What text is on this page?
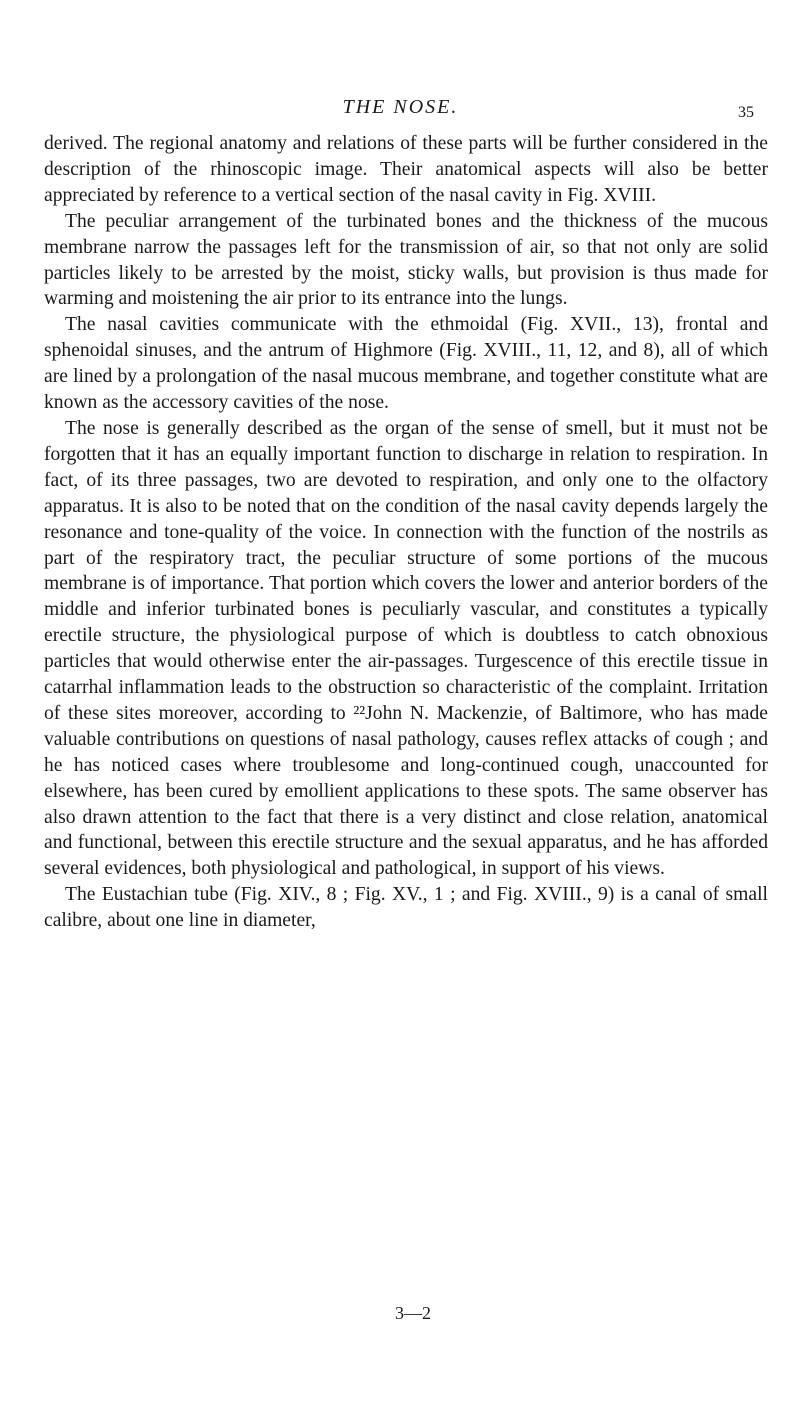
THE NOSE.	35

derived. The regional anatomy and relations of these parts will be further considered in the description of the rhinoscopic image. Their anatomical aspects will also be better appreciated by reference to a vertical section of the nasal cavity in Fig. XVIII.

The peculiar arrangement of the turbinated bones and the thickness of the mucous membrane narrow the passages left for the transmission of air, so that not only are solid particles likely to be arrested by the moist, sticky walls, but provision is thus made for warming and moistening the air prior to its entrance into the lungs.

The nasal cavities communicate with the ethmoidal (Fig. XVII., 13), frontal and sphenoidal sinuses, and the antrum of Highmore (Fig. XVIII., 11, 12, and 8), all of which are lined by a prolongation of the nasal mucous membrane, and together constitute what are known as the accessory cavities of the nose.

The nose is generally described as the organ of the sense of smell, but it must not be forgotten that it has an equally important function to discharge in relation to respiration. In fact, of its three passages, two are devoted to respiration, and only one to the olfactory apparatus. It is also to be noted that on the condition of the nasal cavity depends largely the resonance and tone-quality of the voice. In connection with the function of the nostrils as part of the respiratory tract, the peculiar structure of some portions of the mucous membrane is of importance. That portion which covers the lower and anterior borders of the middle and inferior turbinated bones is peculiarly vascular, and constitutes a typically erectile structure, the physiological purpose of which is doubtless to catch obnoxious particles that would otherwise enter the air-passages. Turgescence of this erectile tissue in catarrhal inflammation leads to the obstruction so characteristic of the complaint. Irritation of these sites moreover, according to ²²John N. Mackenzie, of Baltimore, who has made valuable contributions on questions of nasal pathology, causes reflex attacks of cough ; and he has noticed cases where troublesome and long-continued cough, unaccounted for elsewhere, has been cured by emollient applications to these spots. The same observer has also drawn attention to the fact that there is a very distinct and close relation, anatomical and functional, between this erectile structure and the sexual apparatus, and he has afforded several evidences, both physiological and pathological, in support of his views.

The Eustachian tube (Fig. XIV., 8 ; Fig. XV., 1 ; and Fig. XVIII., 9) is a canal of small calibre, about one line in diameter,

3—2
